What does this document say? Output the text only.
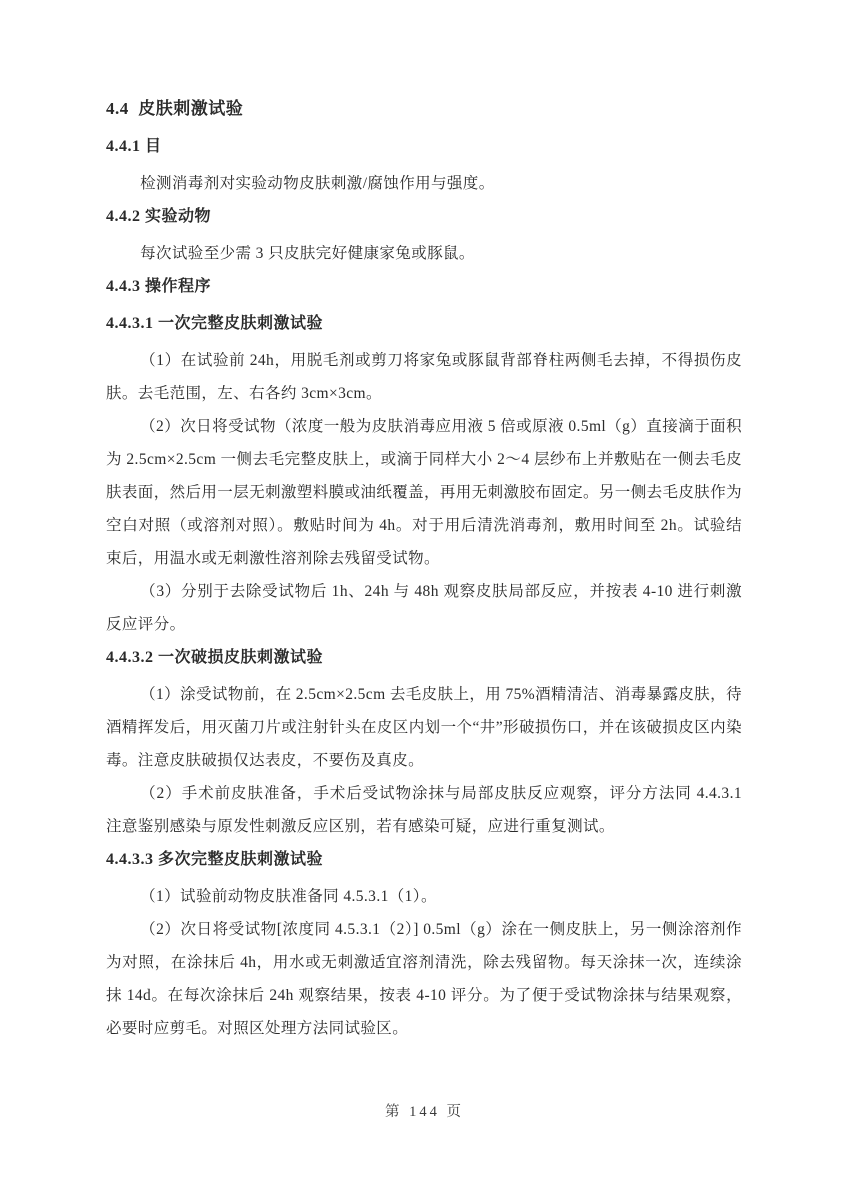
4.4  皮肤刺激试验
4.4.1 目

检测消毒剂对实验动物皮肤刺激/腐蚀作用与强度。

4.4.2 实验动物

每次试验至少需 3 只皮肤完好健康家兔或豚鼠。

4.4.3 操作程序
4.4.3.1 一次完整皮肤刺激试验

（1）在试验前 24h，用脱毛剂或剪刀将家兔或豚鼠背部脊柱两侧毛去掉，不得损伤皮肤。去毛范围，左、右各约 3cm×3cm。

（2）次日将受试物（浓度一般为皮肤消毒应用液 5 倍或原液 0.5ml（g）直接滴于面积为 2.5cm×2.5cm 一侧去毛完整皮肤上，或滴于同样大小 2～4 层纱布上并敷贴在一侧去毛皮肤表面，然后用一层无刺激塑料膜或油纸覆盖，再用无刺激胶布固定。另一侧去毛皮肤作为空白对照（或溶剂对照）。敷贴时间为 4h。对于用后清洗消毒剂，敷用时间至 2h。试验结束后，用温水或无刺激性溶剂除去残留受试物。

（3）分别于去除受试物后 1h、24h 与 48h 观察皮肤局部反应，并按表 4-10 进行刺激反应评分。

4.4.3.2 一次破损皮肤刺激试验

（1）涂受试物前，在 2.5cm×2.5cm 去毛皮肤上，用 75%酒精清洁、消毒暴露皮肤，待酒精挥发后，用灭菌刀片或注射针头在皮区内划一个“井”形破损伤口，并在该破损皮区内染毒。注意皮肤破损仅达表皮，不要伤及真皮。

（2）手术前皮肤准备，手术后受试物涂抹与局部皮肤反应观察，评分方法同 4.4.3.1 注意鉴别感染与原发性刺激反应区别，若有感染可疑，应进行重复测试。

4.4.3.3 多次完整皮肤刺激试验

（1）试验前动物皮肤准备同 4.5.3.1（1）。

（2）次日将受试物[浓度同 4.5.3.1（2）] 0.5ml（g）涂在一侧皮肤上，另一侧涂溶剂作为对照，在涂抹后 4h，用水或无刺激适宜溶剂清洗，除去残留物。每天涂抹一次，连续涂抹 14d。在每次涂抹后 24h 观察结果，按表 4-10 评分。为了便于受试物涂抹与结果观察，必要时应剪毛。对照区处理方法同试验区。

第 144 页
